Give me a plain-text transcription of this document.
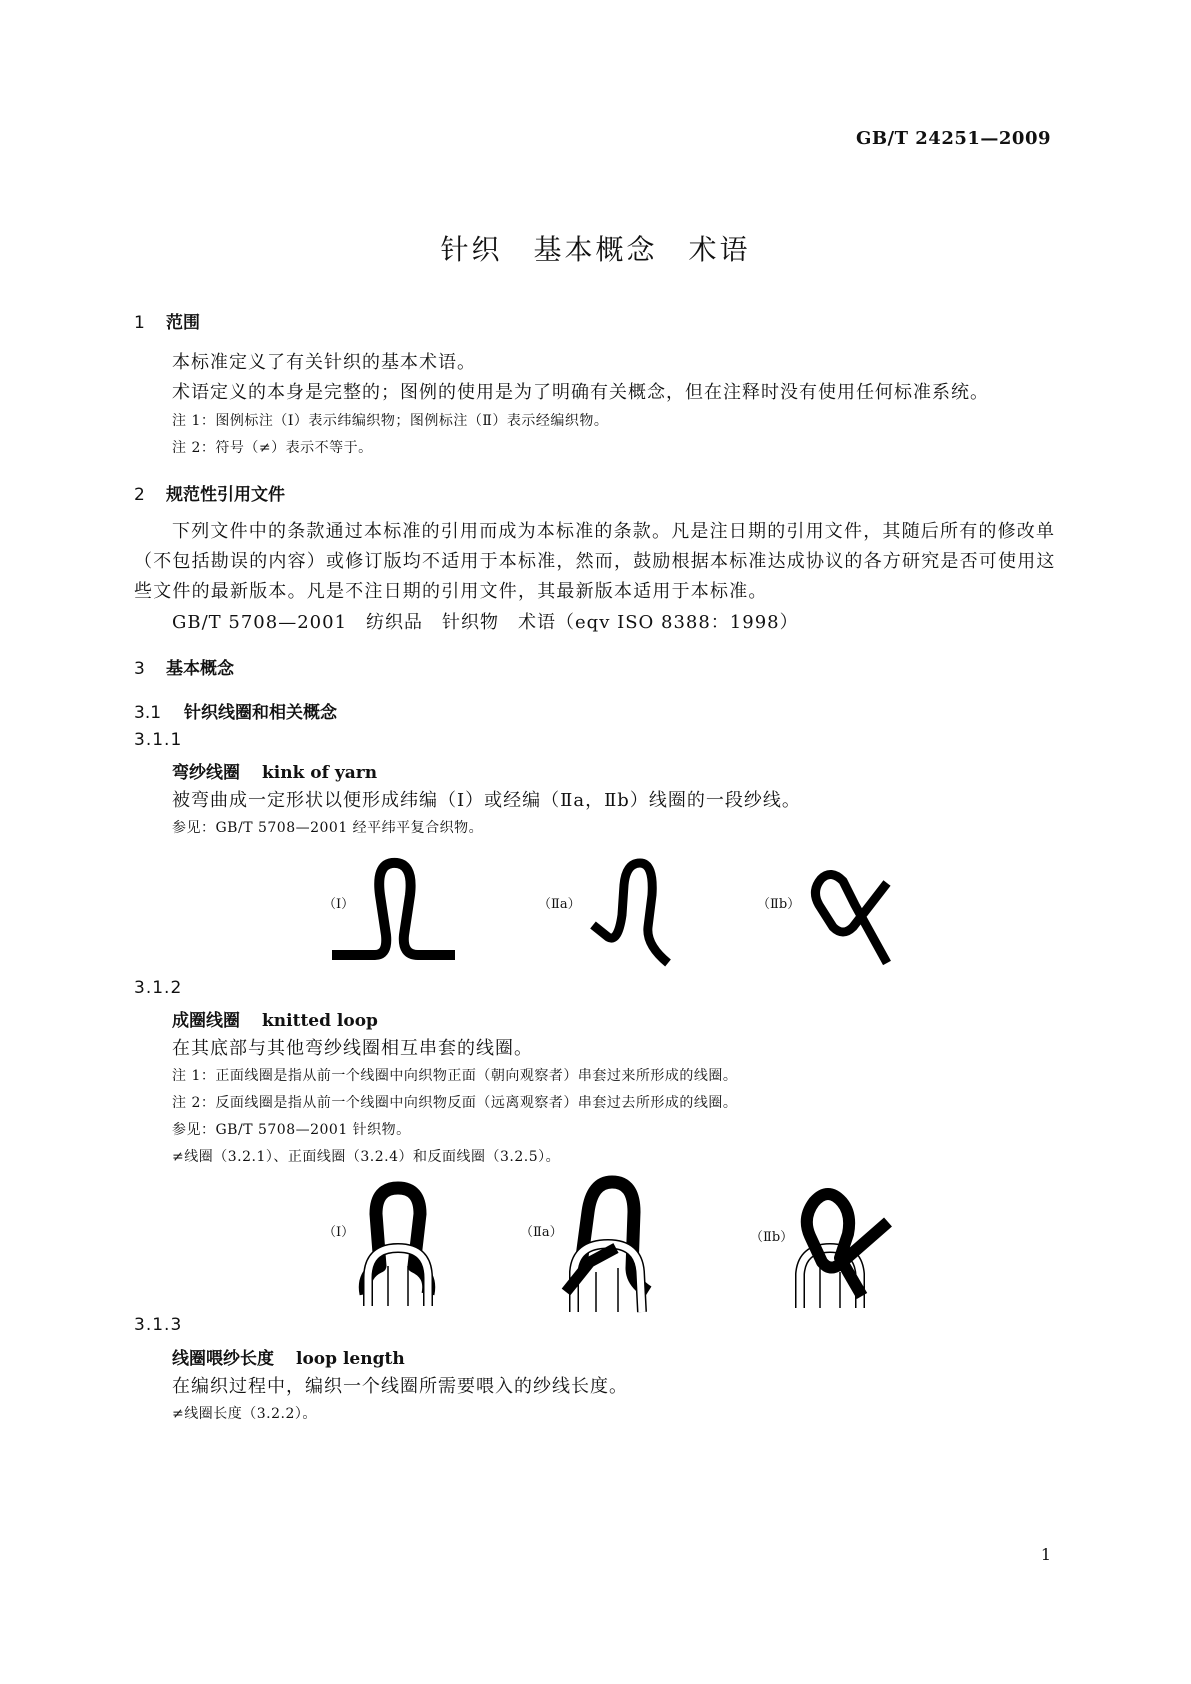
GB/T 24251—2009
针织　基本概念　术语
1 范围
本标准定义了有关针织的基本术语。
术语定义的本身是完整的；图例的使用是为了明确有关概念，但在注释时没有使用任何标准系统。
注 1：图例标注（Ⅰ）表示纬编织物；图例标注（Ⅱ）表示经编织物。
注 2：符号（≠）表示不等于。
2 规范性引用文件
下列文件中的条款通过本标准的引用而成为本标准的条款。凡是注日期的引用文件，其随后所有的修改单（不包括勘误的内容）或修订版均不适用于本标准，然而，鼓励根据本标准达成协议的各方研究是否可使用这些文件的最新版本。凡是不注日期的引用文件，其最新版本适用于本标准。
GB/T 5708—2001　纺织品　针织物　术语（eqv ISO 8388：1998）
3 基本概念
3.1 针织线圈和相关概念
3.1.1
弯纱线圈 kink of yarn
被弯曲成一定形状以便形成纬编（Ⅰ）或经编（Ⅱa，Ⅱb）线圈的一段纱线。
参见：GB/T 5708—2001 经平纬平复合织物。
（Ⅰ）	（Ⅱa）	（Ⅱb）
3.1.2
成圈线圈 knitted loop
在其底部与其他弯纱线圈相互串套的线圈。
注 1：正面线圈是指从前一个线圈中向织物正面（朝向观察者）串套过来所形成的线圈。
注 2：反面线圈是指从前一个线圈中向织物反面（远离观察者）串套过去所形成的线圈。
参见：GB/T 5708—2001 针织物。
≠线圈（3.2.1）、正面线圈（3.2.4）和反面线圈（3.2.5）。
（Ⅰ）	（Ⅱa）	（Ⅱb）
3.1.3
线圈喂纱长度 loop length
在编织过程中，编织一个线圈所需要喂入的纱线长度。
≠线圈长度（3.2.2）。
1
